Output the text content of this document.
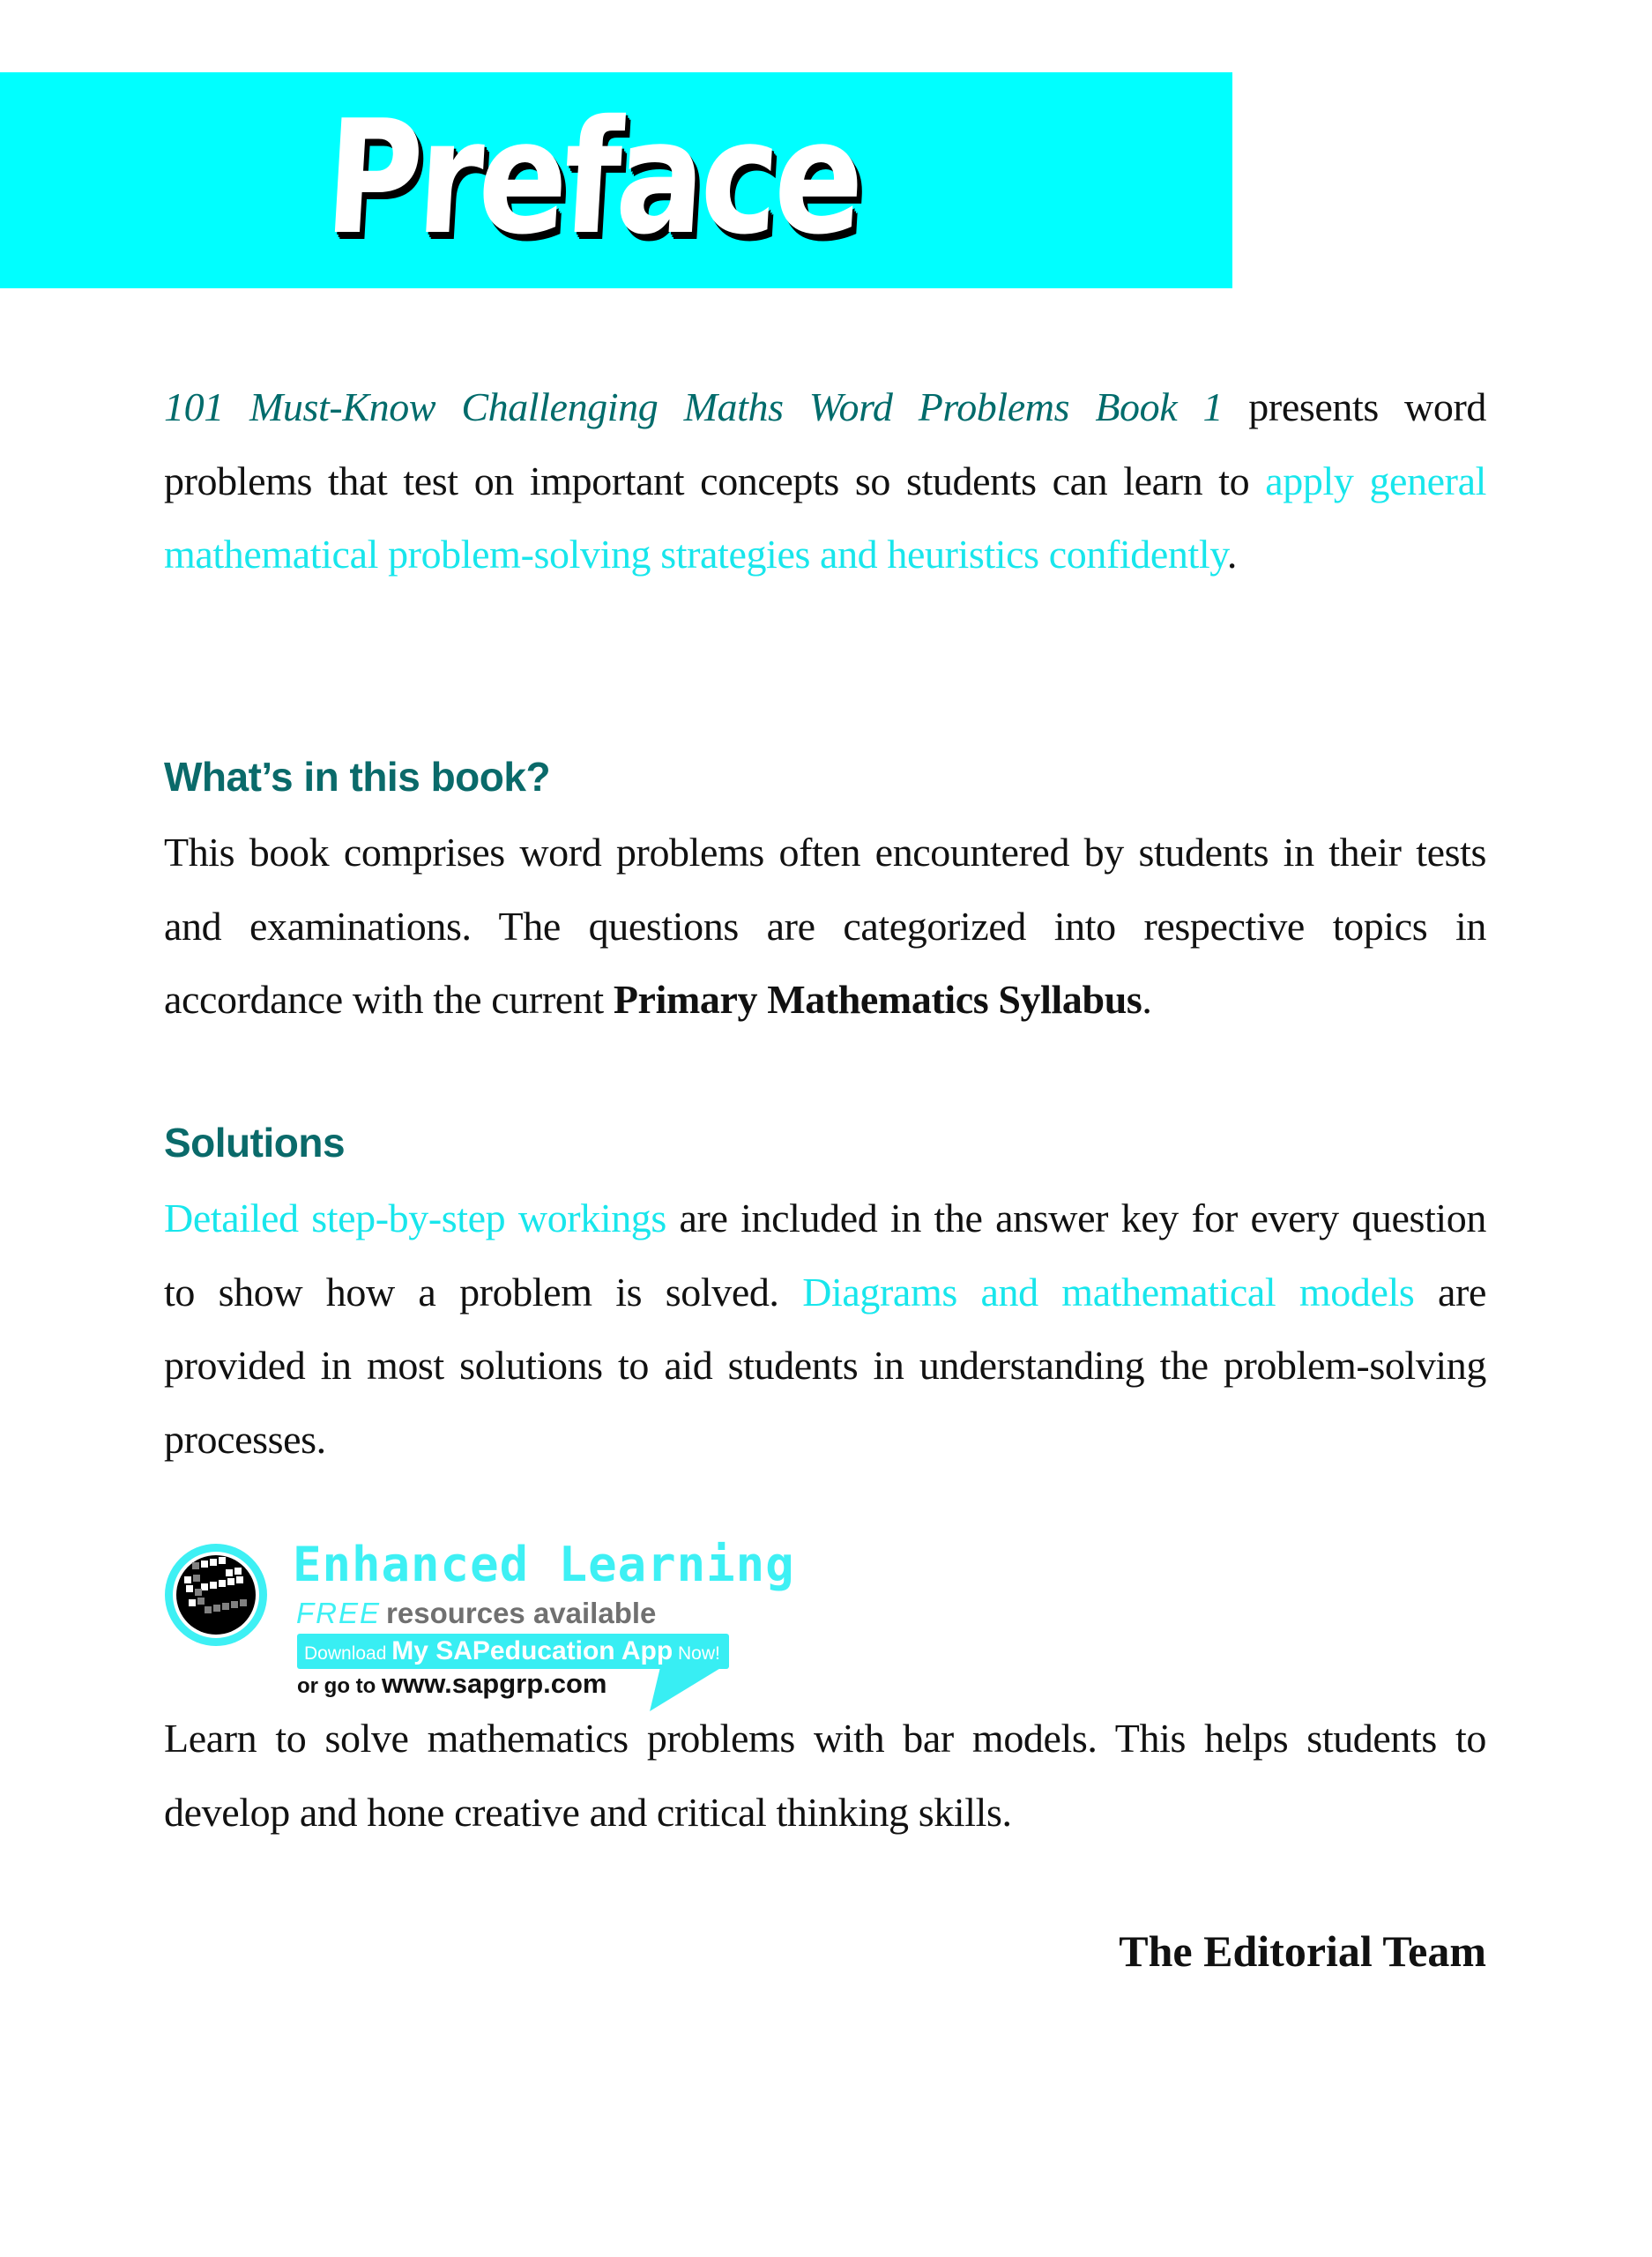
Preface

101 Must-Know Challenging Maths Word Problems Book 1 presents word problems that test on important concepts so students can learn to apply general mathematical problem-solving strategies and heuristics confidently.

What’s in this book?

This book comprises word problems often encountered by students in their tests and examinations. The questions are categorized into respective topics in accordance with the current Primary Mathematics Syllabus.

Solutions

Detailed step-by-step workings are included in the answer key for every question to show how a problem is solved. Diagrams and mathematical models are provided in most solutions to aid students in understanding the problem-solving processes.

Enhanced Learning
FREE resources available
Download My SAPeducation App Now!
or go to www.sapgrp.com

Learn to solve mathematics problems with bar models. This helps students to develop and hone creative and critical thinking skills.

The Editorial Team
